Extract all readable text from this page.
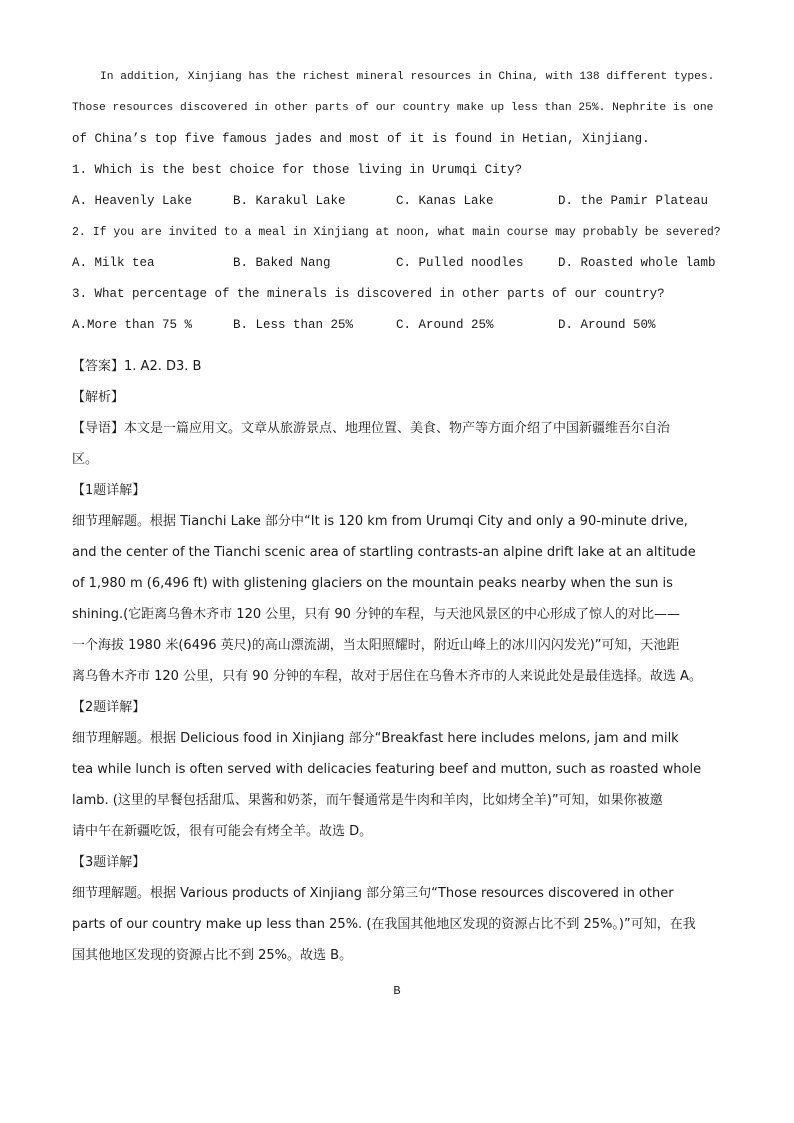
In addition, Xinjiang has the richest mineral resources in China, with 138 different types.
Those resources discovered in other parts of our country make up less than 25%. Nephrite is one
of China’s top five famous jades and most of it is found in Hetian, Xinjiang.
1. Which is the best choice for those living in Urumqi City?
A. Heavenly Lake	B. Karakul Lake	C. Kanas Lake	D. the Pamir Plateau
2. If you are invited to a meal in Xinjiang at noon, what main course may probably be severed?
A. Milk tea	B. Baked Nang	C. Pulled noodles	D. Roasted whole lamb
3. What percentage of the minerals is discovered in other parts of our country?
A.More than 75 %	B. Less than 25%	C. Around 25%	D. Around 50%
【答案】1. A2. D3. B
【解析】
【导语】本文是一篇应用文。文章从旅游景点、地理位置、美食、物产等方面介绍了中国新疆维吾尔自治
区。
【1题详解】
细节理解题。根据 Tianchi Lake 部分中“It is 120 km from Urumqi City and only a 90-minute drive,
and the center of the Tianchi scenic area of startling contrasts-an alpine drift lake at an altitude
of 1,980 m (6,496 ft) with glistening glaciers on the mountain peaks nearby when the sun is
shining.(它距离乌鲁木齐市 120 公里，只有 90 分钟的车程，与天池风景区的中心形成了惊人的对比——
一个海拔 1980 米(6496 英尺)的高山漂流湖，当太阳照耀时，附近山峰上的冰川闪闪发光)”可知，天池距
离乌鲁木齐市 120 公里，只有 90 分钟的车程，故对于居住在乌鲁木齐市的人来说此处是最佳选择。故选 A。
【2题详解】
细节理解题。根据 Delicious food in Xinjiang 部分“Breakfast here includes melons, jam and milk
tea while lunch is often served with delicacies featuring beef and mutton, such as roasted whole
lamb. (这里的早餐包括甜瓜、果酱和奶茶，而午餐通常是牛肉和羊肉，比如烤全羊)”可知，如果你被邀
请中午在新疆吃饭，很有可能会有烤全羊。故选 D。
【3题详解】
细节理解题。根据 Various products of Xinjiang 部分第三句“Those resources discovered in other
parts of our country make up less than 25%. (在我国其他地区发现的资源占比不到 25%。)”可知，在我
国其他地区发现的资源占比不到 25%。故选 B。
B
